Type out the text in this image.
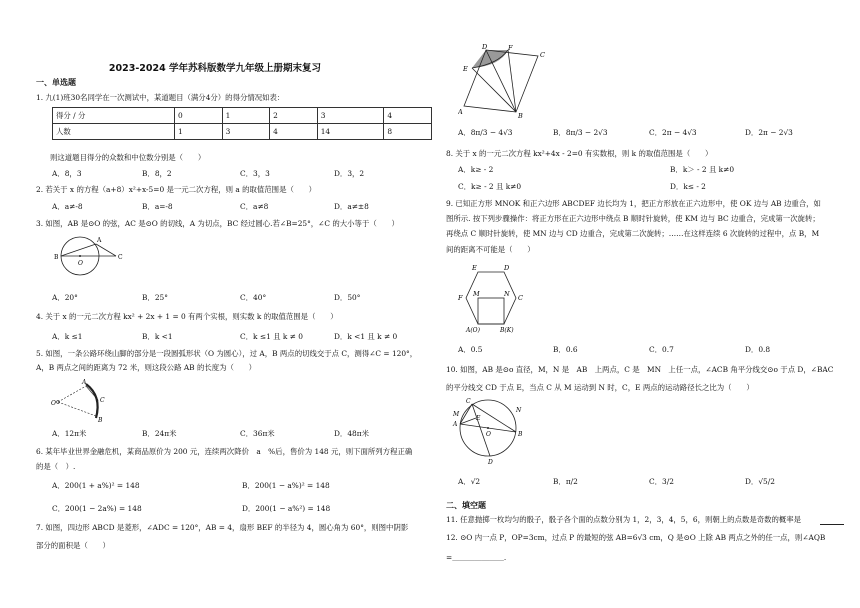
2023-2024 学年苏科版数学九年级上册期末复习
一、单选题
1. 九(1)班30名同学在一次测试中，某道题目（满分4分）的得分情况如表：
得分 / 分	0	1	2	3	4
人数	1	3	4	14	8
则这道题目得分的众数和中位数分别是（　　）
A．8，3	B．8，2	C．3，3	D．3，2
2. 若关于 x 的方程（a+8）x²+x-5=0 是一元二次方程，则 a 的取值范围是（　　）
A．a≠-8	B．a=-8	C．a≠8	D．a≠±8
3. 如图，AB 是⊙O 的弦，AC 是⊙O 的切线，A 为切点，BC 经过圆心.若∠B=25°，∠C 的大小等于（　　）
A
B
O
C
A．20°	B．25°	C．40°	D．50°
4. 关于 x 的一元二次方程 kx² + 2x + 1 = 0 有两个实根，则实数 k 的取值范围是（　　）
A．k ≤1	B．k <1	C．k ≤1 且 k ≠ 0	D．k <1 且 k ≠ 0
5. 如图，一条公路环绕山脚的部分是一段圆弧形状（O 为圆心），过 A，B 两点的切线交于点 C，测得∠C = 120°，
A，B 两点之间的距离为 72 米，则这段公路 AB 的长度为（　　）
A
C
O
B
A．12π米	B．24π米	C．36π米	D．48π米
6. 某年毕业世界金融危机，某商品原价为 200 元，连续两次降价　a　%后，售价为 148 元，则下面所列方程正确
的是（　）.
A．200(1 + a%)² = 148	B．200(1 − a%)² = 148
C．200(1 − 2a%) = 148	D．200(1 − a%²) = 148
7. 如图，四边形 ABCD 是菱形，∠ADC = 120°，AB = 4，扇形 BEF 的半径为 4，圆心角为 60°，则图中阴影
部分的面积是（　　）
D	F
C
E
A	B
A．8π/3 − 4√3	B．8π/3 − 2√3	C．2π − 4√3	D．2π − 2√3
8. 关于 x 的一元二次方程 kx²+4x - 2=0 有实数根，则 k 的取值范围是（　　）
A．k≥ - 2	B．k＞ - 2 且 k≠0
C．k≥ - 2 且 k≠0	D．k≤ - 2
9. 已知正方形 MNOK 和正六边形 ABCDEF 边长均为 1，把正方形放在正六边形中，使 OK 边与 AB 边重合，如
图所示. 按下列步骤操作：将正方形在正六边形中绕点 B 顺时针旋转，使 KM 边与 BC 边重合，完成第一次旋转；
再绕点 C 顺时针旋转，使 MN 边与 CD 边重合，完成第二次旋转；……在这样连续 6 次旋转的过程中，点 B，M
间的距离不可能是（　　）
E	D
F M	N C
A(O)	B(K)
A．0.5	B．0.6	C．0.7	D．0.8
10. 如图，AB 是⊙o 直径，M，N 是　AB　上两点，C 是　MN　上任一点，∠ACB 角平分线交⊙o 于点 D，∠BAC
的平分线交 CD 于点 E，当点 C 从 M 运动到 N 时，C，E 两点的运动路径长之比为（　　）
M
C
N
A
E
O	B
D
A．√2	B．π/2	C．3/2	D．√5/2
二、填空题
11. 任意抛掷一枚均匀的骰子，骰子各个面的点数分别为 1，2，3，4，5，6，则朝上的点数是奇数的概率是
12. ⊙O 内一点 P，OP=3cm，过点 P 的最短的弦 AB=6√3 cm，Q 是⊙O 上除 AB 两点之外的任一点，则∠AQB
=＿＿＿＿＿＿＿.
